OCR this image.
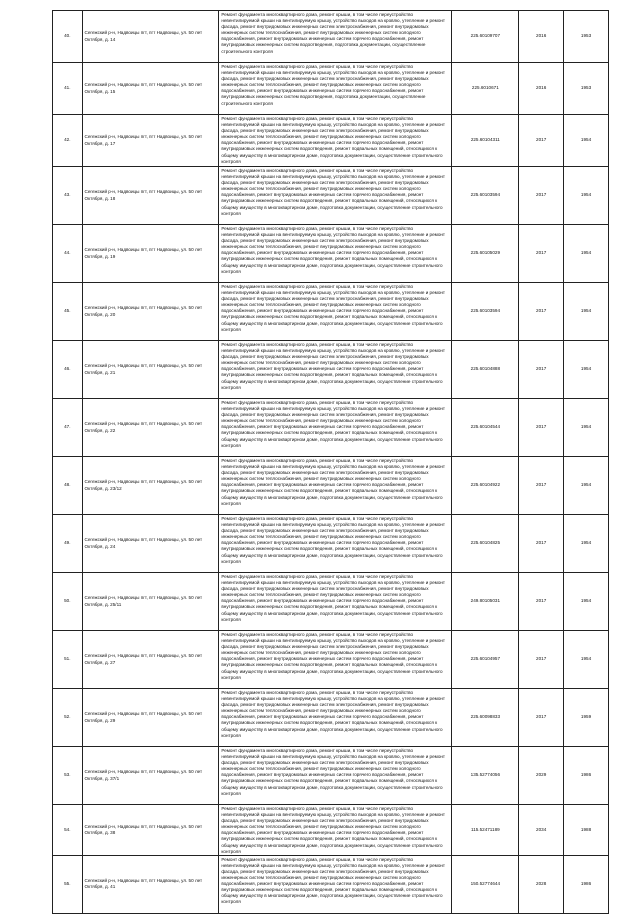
40.	Сегежский р-н, Надвоицы пгт, пгт Надвоицы, ул. 50 лет Октября, д. 14	Ремонт фундамента многоквартирного дома, ремонт крыши, в том числе переустройство невентилируемой крыши на вентилируемую крышу, устройство выходов на кровлю, утепление и ремонт фасада, ремонт внутридомовых инженерных систем электроснабжения, ремонт внутридомовых инженерных систем теплоснабжения, ремонт внутридомовых инженерных систем холодного водоснабжения, ремонт внутридомовых инженерных систем горячего водоснабжения, ремонт внутридомовых инженерных систем водоотведения, подготовка документации, осуществление строительного контроля	225.60109707	2016	1953
41.	Сегежский р-н, Надвоицы пгт, пгт Надвоицы, ул. 50 лет Октября, д. 15	Ремонт фундамента многоквартирного дома, ремонт крыши, в том числе переустройство невентилируемой крыши на вентилируемую крышу, устройство выходов на кровлю, утепление и ремонт фасада, ремонт внутридомовых инженерных систем электроснабжения, ремонт внутридомовых инженерных систем теплоснабжения, ремонт внутридомовых инженерных систем холодного водоснабжения, ремонт внутридомовых инженерных систем горячего водоснабжения, ремонт внутридомовых инженерных систем водоотведения, подготовка документации, осуществление строительного контроля	225.6010671	2016	1953
42.	Сегежский р-н, Надвоицы пгт, пгт Надвоицы, ул. 50 лет Октября, д. 17	Ремонт фундамента многоквартирного дома, ремонт крыши, в том числе переустройство невентилируемой крыши на вентилируемую крышу, устройство выходов на кровлю, утепление и ремонт фасада, ремонт внутридомовых инженерных систем электроснабжения, ремонт внутридомовых инженерных систем теплоснабжения, ремонт внутридомовых инженерных систем холодного водоснабжения, ремонт внутридомовых инженерных систем горячего водоснабжения, ремонт внутридомовых инженерных систем водоотведения, ремонт подвальных помещений, относящихся к общему имуществу в многоквартирном доме, подготовка документации, осуществление строительного контроля	225.60104311	2017	1954
43.	Сегежский р-н, Надвоицы пгт, пгт Надвоицы, ул. 50 лет Октября, д. 18	Ремонт фундамента многоквартирного дома, ремонт крыши, в том числе переустройство невентилируемой крыши на вентилируемую крышу, устройство выходов на кровлю, утепление и ремонт фасада, ремонт внутридомовых инженерных систем электроснабжения, ремонт внутридомовых инженерных систем теплоснабжения, ремонт внутридомовых инженерных систем холодного водоснабжения, ремонт внутридомовых инженерных систем горячего водоснабжения, ремонт внутридомовых инженерных систем водоотведения, ремонт подвальных помещений, относящихся к общему имуществу в многоквартирном доме, подготовка документации, осуществление строительного контроля	225.60103594	2017	1954
44.	Сегежский р-н, Надвоицы пгт, пгт Надвоицы, ул. 50 лет Октября, д. 19	Ремонт фундамента многоквартирного дома, ремонт крыши, в том числе переустройство невентилируемой крыши на вентилируемую крышу, устройство выходов на кровлю, утепление и ремонт фасада, ремонт внутридомовых инженерных систем электроснабжения, ремонт внутридомовых инженерных систем теплоснабжения, ремонт внутридомовых инженерных систем холодного водоснабжения, ремонт внутридомовых инженерных систем горячего водоснабжения, ремонт внутридомовых инженерных систем водоотведения, ремонт подвальных помещений, относящихся к общему имуществу в многоквартирном доме, подготовка документации, осуществление строительного контроля	225.60105029	2017	1954
45.	Сегежский р-н, Надвоицы пгт, пгт Надвоицы, ул. 50 лет Октября, д. 20	Ремонт фундамента многоквартирного дома, ремонт крыши, в том числе переустройство невентилируемой крыши на вентилируемую крышу, устройство выходов на кровлю, утепление и ремонт фасада, ремонт внутридомовых инженерных систем электроснабжения, ремонт внутридомовых инженерных систем теплоснабжения, ремонт внутридомовых инженерных систем холодного водоснабжения, ремонт внутридомовых инженерных систем горячего водоснабжения, ремонт внутридомовых инженерных систем водоотведения, ремонт подвальных помещений, относящихся к общему имуществу в многоквартирном доме, подготовка документации, осуществление строительного контроля	225.60103594	2017	1954
46.	Сегежский р-н, Надвоицы пгт, пгт Надвоицы, ул. 50 лет Октября, д. 21	Ремонт фундамента многоквартирного дома, ремонт крыши, в том числе переустройство невентилируемой крыши на вентилируемую крышу, устройство выходов на кровлю, утепление и ремонт фасада, ремонт внутридомовых инженерных систем электроснабжения, ремонт внутридомовых инженерных систем теплоснабжения, ремонт внутридомовых инженерных систем холодного водоснабжения, ремонт внутридомовых инженерных систем горячего водоснабжения, ремонт внутридомовых инженерных систем водоотведения, ремонт подвальных помещений, относящихся к общему имуществу в многоквартирном доме, подготовка документации, осуществление строительного контроля	225.60104888	2017	1954
47.	Сегежский р-н, Надвоицы пгт, пгт Надвоицы, ул. 50 лет Октября, д. 22	Ремонт фундамента многоквартирного дома, ремонт крыши, в том числе переустройство невентилируемой крыши на вентилируемую крышу, устройство выходов на кровлю, утепление и ремонт фасада, ремонт внутридомовых инженерных систем электроснабжения, ремонт внутридомовых инженерных систем теплоснабжения, ремонт внутридомовых инженерных систем холодного водоснабжения, ремонт внутридомовых инженерных систем горячего водоснабжения, ремонт внутридомовых инженерных систем водоотведения, ремонт подвальных помещений, относящихся к общему имуществу в многоквартирном доме, подготовка документации, осуществление строительного контроля	225.60104544	2017	1954
48.	Сегежский р-н, Надвоицы пгт, пгт Надвоицы, ул. 50 лет Октября, д. 23/12	Ремонт фундамента многоквартирного дома, ремонт крыши, в том числе переустройство невентилируемой крыши на вентилируемую крышу, устройство выходов на кровлю, утепление и ремонт фасада, ремонт внутридомовых инженерных систем электроснабжения, ремонт внутридомовых инженерных систем теплоснабжения, ремонт внутридомовых инженерных систем холодного водоснабжения, ремонт внутридомовых инженерных систем горячего водоснабжения, ремонт внутридомовых инженерных систем водоотведения, ремонт подвальных помещений, относящихся к общему имуществу в многоквартирном доме, подготовка документации, осуществление строительного контроля	225.60104922	2017	1954
49.	Сегежский р-н, Надвоицы пгт, пгт Надвоицы, ул. 50 лет Октября, д. 24	Ремонт фундамента многоквартирного дома, ремонт крыши, в том числе переустройство невентилируемой крыши на вентилируемую крышу, устройство выходов на кровлю, утепление и ремонт фасада, ремонт внутридомовых инженерных систем электроснабжения, ремонт внутридомовых инженерных систем теплоснабжения, ремонт внутридомовых инженерных систем холодного водоснабжения, ремонт внутридомовых инженерных систем горячего водоснабжения, ремонт внутридомовых инженерных систем водоотведения, ремонт подвальных помещений, относящихся к общему имуществу в многоквартирном доме, подготовка документации, осуществление строительного контроля	225.60104825	2017	1954
50.	Сегежский р-н, Надвоицы пгт, пгт Надвоицы, ул. 50 лет Октября, д. 25/11	Ремонт фундамента многоквартирного дома, ремонт крыши, в том числе переустройство невентилируемой крыши на вентилируемую крышу, устройство выходов на кровлю, утепление и ремонт фасада, ремонт внутридомовых инженерных систем электроснабжения, ремонт внутридомовых инженерных систем теплоснабжения, ремонт внутридомовых инженерных систем холодного водоснабжения, ремонт внутридомовых инженерных систем горячего водоснабжения, ремонт внутридомовых инженерных систем водоотведения, ремонт подвальных помещений, относящихся к общему имуществу в многоквартирном доме, подготовка документации, осуществление строительного контроля	249.80105031	2017	1954
51.	Сегежский р-н, Надвоицы пгт, пгт Надвоицы, ул. 50 лет Октября, д. 27	Ремонт фундамента многоквартирного дома, ремонт крыши, в том числе переустройство невентилируемой крыши на вентилируемую крышу, устройство выходов на кровлю, утепление и ремонт фасада, ремонт внутридомовых инженерных систем электроснабжения, ремонт внутридомовых инженерных систем теплоснабжения, ремонт внутридомовых инженерных систем холодного водоснабжения, ремонт внутридомовых инженерных систем горячего водоснабжения, ремонт внутридомовых инженерных систем водоотведения, ремонт подвальных помещений, относящихся к общему имуществу в многоквартирном доме, подготовка документации, осуществление строительного контроля	225.60104957	2017	1954
52.	Сегежский р-н, Надвоицы пгт, пгт Надвоицы, ул. 50 лет Октября, д. 29	Ремонт фундамента многоквартирного дома, ремонт крыши, в том числе переустройство невентилируемой крыши на вентилируемую крышу, устройство выходов на кровлю, утепление и ремонт фасада, ремонт внутридомовых инженерных систем электроснабжения, ремонт внутридомовых инженерных систем теплоснабжения, ремонт внутридомовых инженерных систем холодного водоснабжения, ремонт внутридомовых инженерных систем горячего водоснабжения, ремонт внутридомовых инженерных систем водоотведения, ремонт подвальных помещений, относящихся к общему имуществу в многоквартирном доме, подготовка документации, осуществление строительного контроля	225.60098833	2017	1959
53.	Сегежский р-н, Надвоицы пгт, пгт Надвоицы, ул. 50 лет Октября, д. 37/1	Ремонт фундамента многоквартирного дома, ремонт крыши, в том числе переустройство невентилируемой крыши на вентилируемую крышу, устройство выходов на кровлю, утепление и ремонт фасада, ремонт внутридомовых инженерных систем электроснабжения, ремонт внутридомовых инженерных систем теплоснабжения, ремонт внутридомовых инженерных систем холодного водоснабжения, ремонт внутридомовых инженерных систем горячего водоснабжения, ремонт внутридомовых инженерных систем водоотведения, ремонт подвальных помещений, относящихся к общему имуществу в многоквартирном доме, подготовка документации, осуществление строительного контроля	135.52774056	2029	1986
54.	Сегежский р-н, Надвоицы пгт, пгт Надвоицы, ул. 50 лет Октября, д. 38	Ремонт фундамента многоквартирного дома, ремонт крыши, в том числе переустройство невентилируемой крыши на вентилируемую крышу, устройство выходов на кровлю, утепление и ремонт фасада, ремонт внутридомовых инженерных систем электроснабжения, ремонт внутридомовых инженерных систем теплоснабжения, ремонт внутридомовых инженерных систем холодного водоснабжения, ремонт внутридомовых инженерных систем горячего водоснабжения, ремонт внутридомовых инженерных систем водоотведения, ремонт подвальных помещений, относящихся к общему имуществу в многоквартирном доме, подготовка документации, осуществление строительного контроля	115.52471189	2034	1988
55.	Сегежский р-н, Надвоицы пгт, пгт Надвоицы, ул. 50 лет Октября, д. 41	Ремонт фундамента многоквартирного дома, ремонт крыши, в том числе переустройство невентилируемой крыши на вентилируемую крышу, устройство выходов на кровлю, утепление и ремонт фасада, ремонт внутридомовых инженерных систем электроснабжения, ремонт внутридомовых инженерных систем теплоснабжения, ремонт внутридомовых инженерных систем холодного водоснабжения, ремонт внутридомовых инженерных систем горячего водоснабжения, ремонт внутридомовых инженерных систем водоотведения, ремонт подвальных помещений, относящихся к общему имуществу в многоквартирном доме, подготовка документации, осуществление строительного контроля	150.52774644	2028	1986
